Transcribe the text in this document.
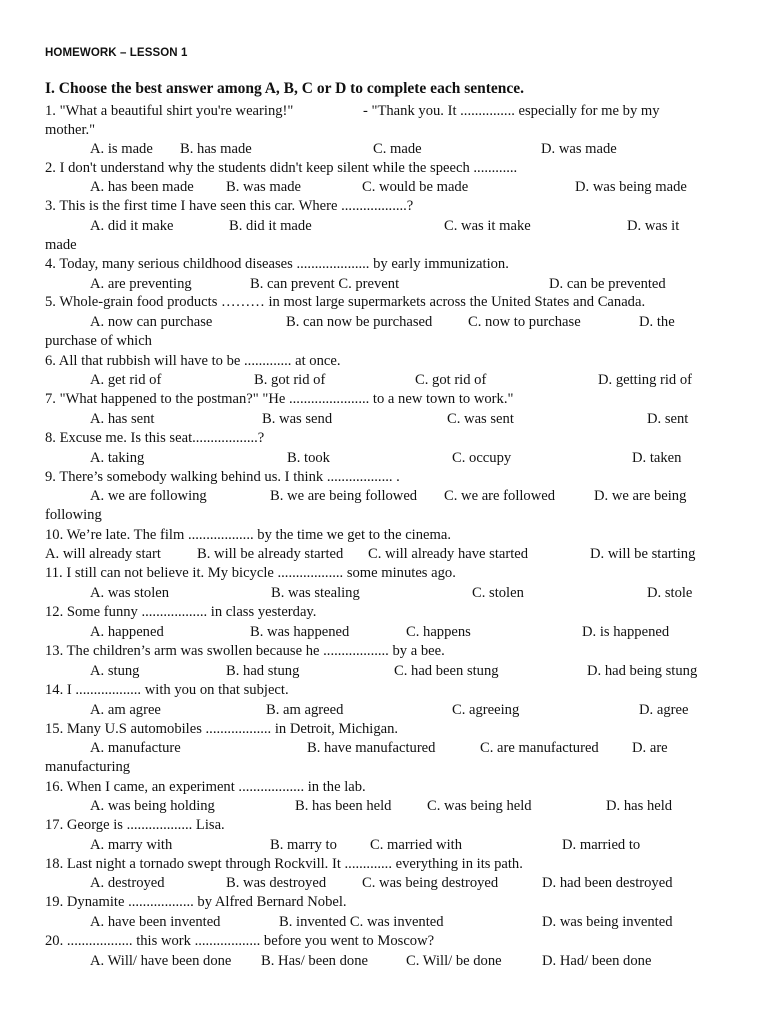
HOMEWORK – LESSON 1
I. Choose the best answer among A, B, C or D to complete each sentence.
1. "What a beautiful shirt you're wearing!"	- "Thank you. It ............... especially for me by my
mother."
A. is made B. has made	C. made	D. was made
2. I don't understand why the students didn't keep silent while the speech ............
A. has been made B. was made	C. would be made	D. was being made
3. This is the first time I have seen this car. Where ..................?
A. did it make	B. did it made	C. was it make	D. was it
made
4. Today, many serious childhood diseases .................... by early immunization.
A. are preventing	B. can prevent C. prevent	D. can be prevented
5. Whole-grain food products ……… in most large supermarkets across the United States and Canada.
A. now can purchase	B. can now be purchased C. now to purchase	D. the
purchase of which
6. All that rubbish will have to be ............. at once.
A. get rid of	B. got rid of	C. got rid of	D. getting rid of
7. "What happened to the postman?" "He ...................... to a new town to work."
A. has sent	B. was send	C. was sent	D. sent
8. Excuse me. Is this seat..................?
A. taking	B. took	C. occupy	D. taken
9. There’s somebody walking behind us. I think .................. .
A. we are following	B. we are being followed C. we are followed	D. we are being
following
10. We’re late. The film .................. by the time we get to the cinema.
A. will already start B. will be already started C. will already have started	D. will be starting
11. I still can not believe it. My bicycle .................. some minutes ago.
A. was stolen	B. was stealing	C. stolen	D. stole
12. Some funny .................. in class yesterday.
A. happened	B. was happened	C. happens	D. is happened
13. The children’s arm was swollen because he .................. by a bee.
A. stung	B. had stung	C. had been stung	D. had being stung
14. I .................. with you on that subject.
A. am agree	B. am agreed	C. agreeing	D. agree
15. Many U.S automobiles .................. in Detroit, Michigan.
A. manufacture	B. have manufactured	C. are manufactured D. are
manufacturing
16. When I came, an experiment .................. in the lab.
A. was being holding	B. has been held C. was being held	D. has held
17. George is .................. Lisa.
A. marry with	B. marry to C. married with	D. married to
18. Last night a tornado swept through Rockvill. It ............. everything in its path.
A. destroyed	B. was destroyed C. was being destroyed	D. had been destroyed
19. Dynamite .................. by Alfred Bernard Nobel.
A. have been invented	B. invented C. was invented	D. was being invented
20. .................. this work .................. before you went to Moscow?
A. Will/ have been done B. Has/ been done	C. Will/ be done	D. Had/ been done
